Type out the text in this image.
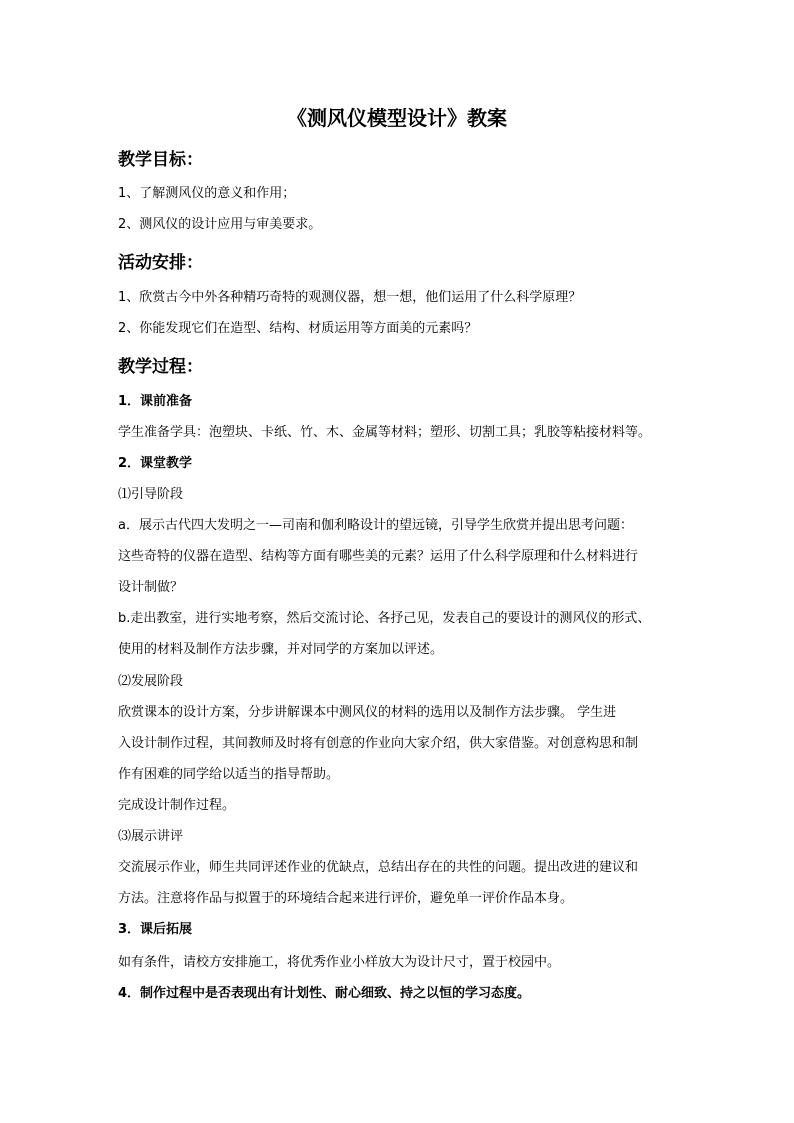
《测风仪模型设计》教案
教学目标：
1、了解测风仪的意义和作用；
2、测风仪的设计应用与审美要求。
活动安排：
1、欣赏古今中外各种精巧奇特的观测仪器，想一想，他们运用了什么科学原理？
2、你能发现它们在造型、结构、材质运用等方面美的元素吗？
教学过程：
1．课前准备
学生准备学具：泡塑块、卡纸、竹、木、金属等材料；塑形、切割工具；乳胶等粘接材料等。
2．课堂教学
⑴引导阶段
a．展示古代四大发明之一—司南和伽利略设计的望远镜，引导学生欣赏并提出思考问题：
这些奇特的仪器在造型、结构等方面有哪些美的元素？运用了什么科学原理和什么材料进行
设计制做？
b.走出教室，进行实地考察，然后交流讨论、各抒己见，发表自己的要设计的测风仪的形式、
使用的材料及制作方法步骤，并对同学的方案加以评述。
⑵发展阶段
欣赏课本的设计方案，分步讲解课本中测风仪的材料的选用以及制作方法步骤。 学生进
入设计制作过程，其间教师及时将有创意的作业向大家介绍，供大家借鉴。对创意构思和制
作有困难的同学给以适当的指导帮助。
完成设计制作过程。
⑶展示讲评
交流展示作业，师生共同评述作业的优缺点，总结出存在的共性的问题。提出改进的建议和
方法。注意将作品与拟置于的环境结合起来进行评价，避免单一评价作品本身。
3．课后拓展
如有条件，请校方安排施工，将优秀作业小样放大为设计尺寸，置于校园中。
4．制作过程中是否表现出有计划性、耐心细致、持之以恒的学习态度。
